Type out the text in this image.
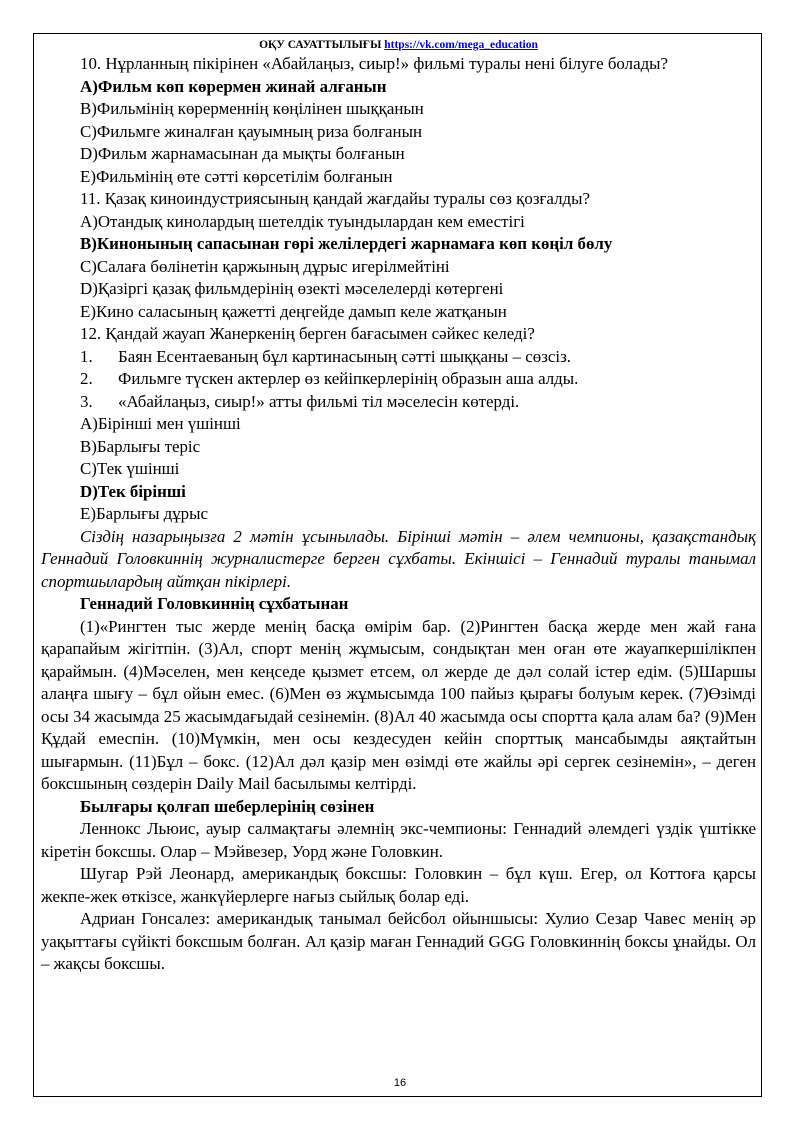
ОҚУ САУАТТЫЛЫҒЫ https://vk.com/mega_education

10. Нұрланның пікірінен «Абайлаңыз, сиыр!» фильмі туралы нені білуге болады?

А)Фильм көп көрермен жинай алғанын

В)Фильмінің көрерменнің көңілінен шыққанын

С)Фильмге жиналған қауымның риза болғанын

D)Фильм жарнамасынан да мықты болғанын

Е)Фильмінің өте сәтті көрсетілім болғанын

11. Қазақ киноиндустриясының қандай жағдайы туралы сөз қозғалды?

А)Отандық кинолардың шетелдік туындылардан кем еместігі

В)Кинонының сапасынан гөрі желілердегі жарнамаға көп көңіл бөлу

С)Салаға бөлінетін қаржының дұрыс игерілмейтіні

D)Қазіргі қазақ фильмдерінің өзекті мәселелерді көтергені

Е)Кино саласының қажетті деңгейде дамып келе жатқанын

12. Қандай жауап Жанеркенің берген бағасымен сәйкес келеді?

1.	Баян Есентаеваның бұл картинасының сәтті шыққаны – сөзсіз.
2.	Фильмге түскен актерлер өз кейіпкерлерінің образын аша алды.
3.	«Абайлаңыз, сиыр!» атты фильмі тіл мәселесін көтерді.

А)Бірінші мен үшінші

В)Барлығы теріс

С)Тек үшінші

D)Тек бірінші

Е)Барлығы дұрыс

Сіздің назарыңызға 2 мәтін ұсынылады. Бірінші мәтін – әлем чемпионы, қазақстандық Геннадий Головкиннің журналистерге берген сұхбаты. Екіншісі – Геннадий туралы танымал спортшылардың айтқан пікірлері.

Геннадий Головкиннің сұхбатынан

(1)«Рингтен тыс жерде менің басқа өмірім бар. (2)Рингтен басқа жерде мен жай ғана қарапайым жігітпін. (3)Ал, спорт менің жұмысым, сондықтан мен оған өте жауапкершілікпен қараймын. (4)Мәселен, мен кеңседе қызмет етсем, ол жерде де дәл солай істер едім. (5)Шаршы алаңға шығу – бұл ойын емес. (6)Мен өз жұмысымда 100 пайыз қырағы болуым керек. (7)Өзімді осы 34 жасымда 25 жасымдағыдай сезінемін. (8)Ал 40 жасымда осы спортта қала алам ба? (9)Мен Құдай емеспін. (10)Мүмкін, мен осы кездесуден кейін спорттық мансабымды аяқтайтын шығармын. (11)Бұл – бокс. (12)Ал дәл қазір мен өзімді өте жайлы әрі сергек сезінемін», – деген боксшының сөздерін Daily Mail басылымы келтірді.

Былғары қолғап шеберлерінің сөзінен

Леннокс Льюис, ауыр салмақтағы әлемнің экс-чемпионы: Геннадий әлемдегі үздік үштікке кіретін боксшы. Олар – Мэйвезер, Уорд және Головкин.

Шугар Рэй Леонард, американдық боксшы: Головкин – бұл күш. Егер, ол Коттоға қарсы жекпе-жек өткізсе, жанкүйерлерге нағыз сыйлық болар еді.

Адриан Гонсалез: американдық танымал бейсбол ойыншысы: Хулио Сезар Чавес менің әр уақыттағы сүйікті боксшым болған. Ал қазір маған Геннадий GGG Головкиннің боксы ұнайды. Ол – жақсы боксшы.

16
